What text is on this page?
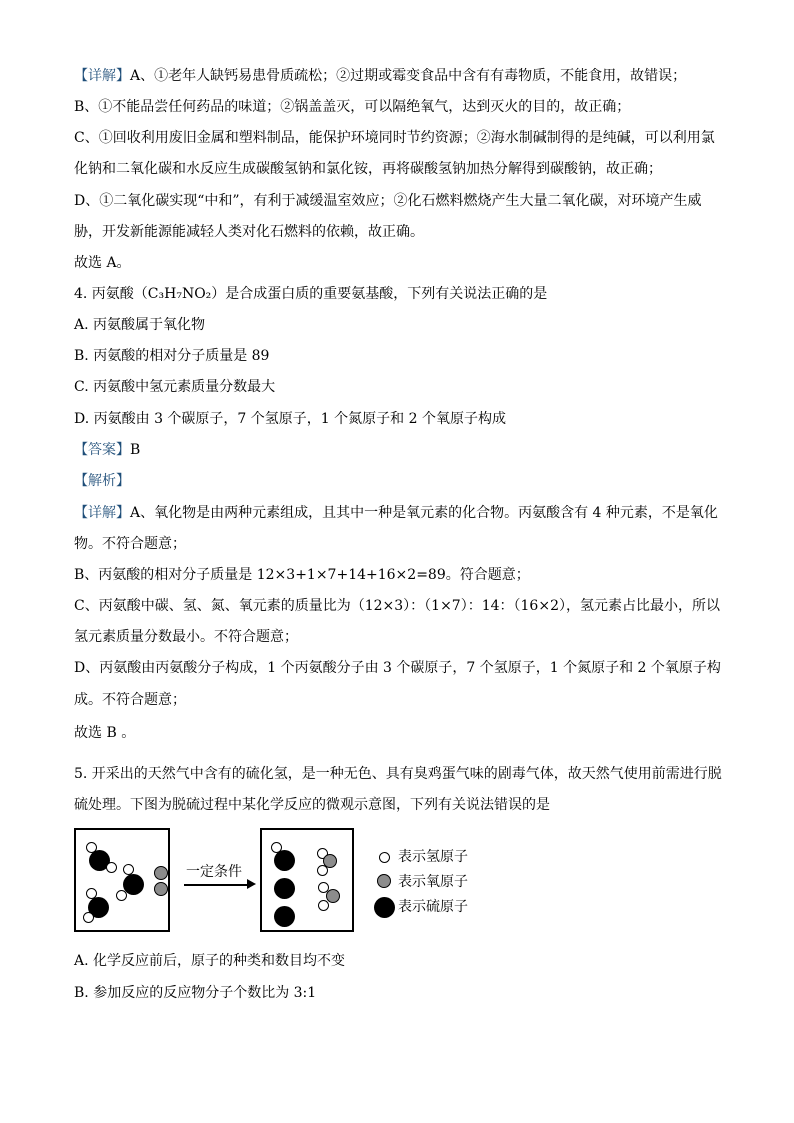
【详解】A、①老年人缺钙易患骨质疏松；②过期或霉变食品中含有有毒物质，不能食用，故错误；
B、①不能品尝任何药品的味道；②锅盖盖灭，可以隔绝氧气，达到灭火的目的，故正确；
C、①回收利用废旧金属和塑料制品，能保护环境同时节约资源；②海水制碱制得的是纯碱，可以利用氯
化钠和二氧化碳和水反应生成碳酸氢钠和氯化铵，再将碳酸氢钠加热分解得到碳酸钠，故正确；
D、①二氧化碳实现“中和”，有利于减缓温室效应；②化石燃料燃烧产生大量二氧化碳，对环境产生威
胁，开发新能源能减轻人类对化石燃料的依赖，故正确。
故选 A。
4. 丙氨酸（C₃H₇NO₂）是合成蛋白质的重要氨基酸，下列有关说法正确的是
A. 丙氨酸属于氧化物
B. 丙氨酸的相对分子质量是 89
C. 丙氨酸中氢元素质量分数最大
D. 丙氨酸由 3 个碳原子，7 个氢原子，1 个氮原子和 2 个氧原子构成
【答案】B
【解析】
【详解】A、氧化物是由两种元素组成，且其中一种是氧元素的化合物。丙氨酸含有 4 种元素，不是氧化
物。不符合题意；
B、丙氨酸的相对分子质量是 12×3+1×7+14+16×2=89。符合题意；
C、丙氨酸中碳、氢、氮、氧元素的质量比为（12×3）：（1×7）：14：（16×2），氢元素占比最小，所以
氢元素质量分数最小。不符合题意；
D、丙氨酸由丙氨酸分子构成，1 个丙氨酸分子由 3 个碳原子，7 个氢原子，1 个氮原子和 2 个氧原子构
成。不符合题意；
故选 B 。
5. 开采出的天然气中含有的硫化氢，是一种无色、具有臭鸡蛋气味的剧毒气体，故天然气使用前需进行脱
硫处理。下图为脱硫过程中某化学反应的微观示意图，下列有关说法错误的是
A. 化学反应前后，原子的种类和数目均不变
B. 参加反应的反应物分子个数比为 3:1
一定条件
表示氢原子
表示氧原子
表示硫原子
